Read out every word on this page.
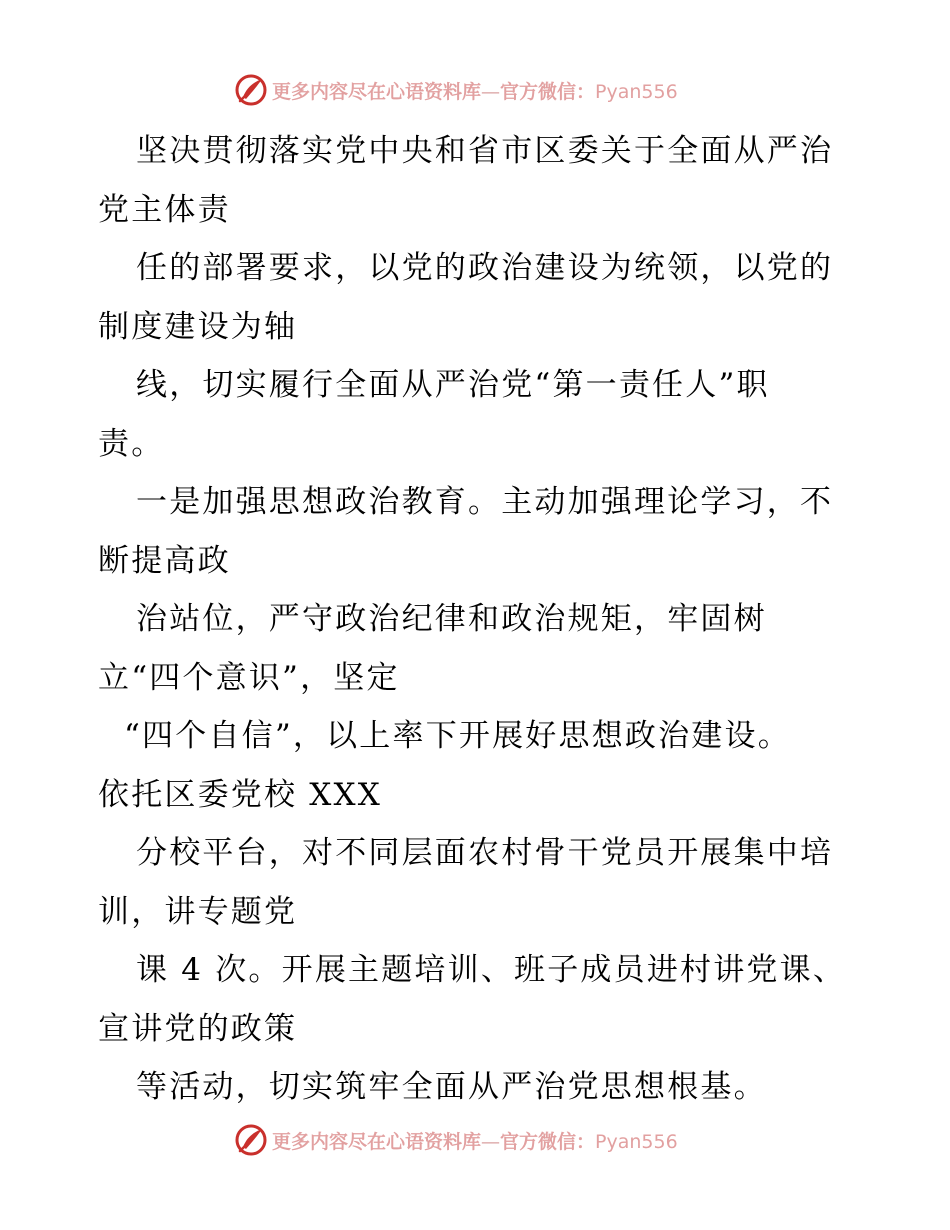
更多内容尽在心语资料库—官方微信：Pyan556
坚决贯彻落实党中央和省市区委关于全面从严治
党主体责
任的部署要求，以党的政治建设为统领，以党的
制度建设为轴
线，切实履行全面从严治党“第一责任人”职
责。
一是加强思想政治教育。主动加强理论学习，不
断提高政
治站位，严守政治纪律和政治规矩，牢固树
立“四个意识”，坚定
“四个自信”，以上率下开展好思想政治建设。
依托区委党校 XXX
分校平台，对不同层面农村骨干党员开展集中培
训，讲专题党
课 4 次。开展主题培训、班子成员进村讲党课、
宣讲党的政策
等活动，切实筑牢全面从严治党思想根基。
更多内容尽在心语资料库—官方微信：Pyan556
